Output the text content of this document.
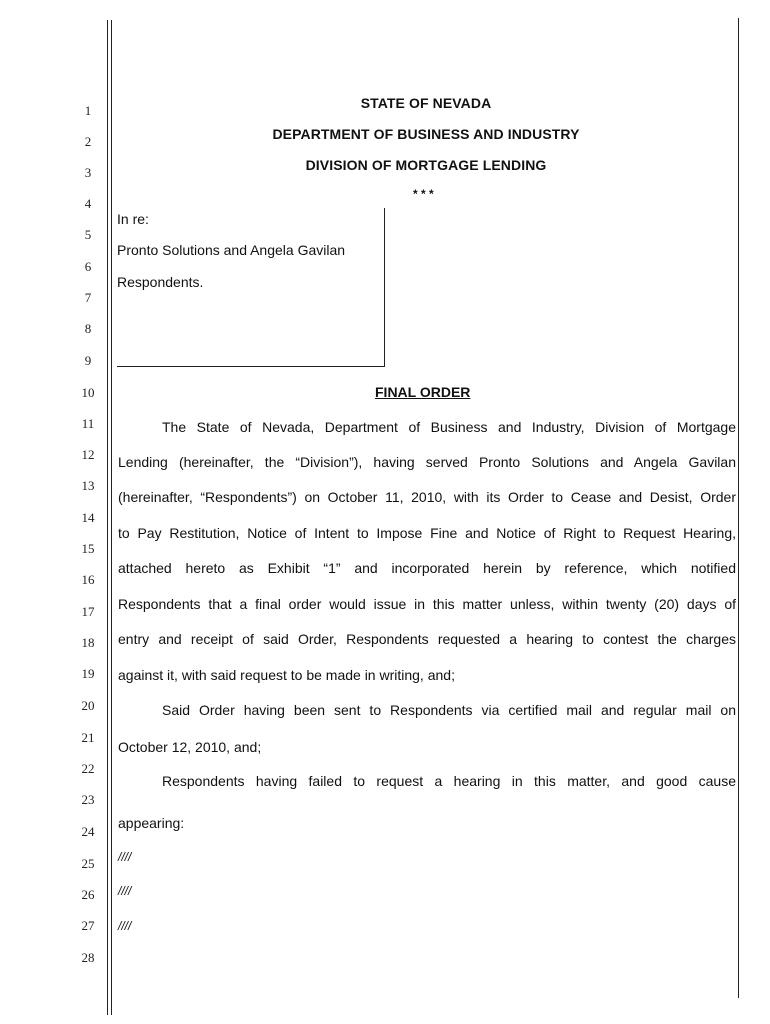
1
2
3
4
5
6
7
8
9
10
11
12
13
14
15
16
17
18
19
20
21
22
23
24
25
26
27
28
STATE OF NEVADA
DEPARTMENT OF BUSINESS AND INDUSTRY
DIVISION OF MORTGAGE LENDING
* * *
In re:
Pronto Solutions and Angela Gavilan
Respondents.
FINAL ORDER
The State of Nevada, Department of Business and Industry, Division of Mortgage
Lending (hereinafter, the “Division”), having served Pronto Solutions and Angela Gavilan
(hereinafter, “Respondents”) on October 11, 2010, with its Order to Cease and Desist, Order
to Pay Restitution, Notice of Intent to Impose Fine and Notice of Right to Request Hearing,
attached hereto as Exhibit “1” and incorporated herein by reference, which notified
Respondents that a final order would issue in this matter unless, within twenty (20) days of
entry and receipt of said Order, Respondents requested a hearing to contest the charges
against it, with said request to be made in writing, and;
Said Order having been sent to Respondents via certified mail and regular mail on
October 12, 2010, and;
Respondents having failed to request a hearing in this matter, and good cause
appearing:
////
////
////
